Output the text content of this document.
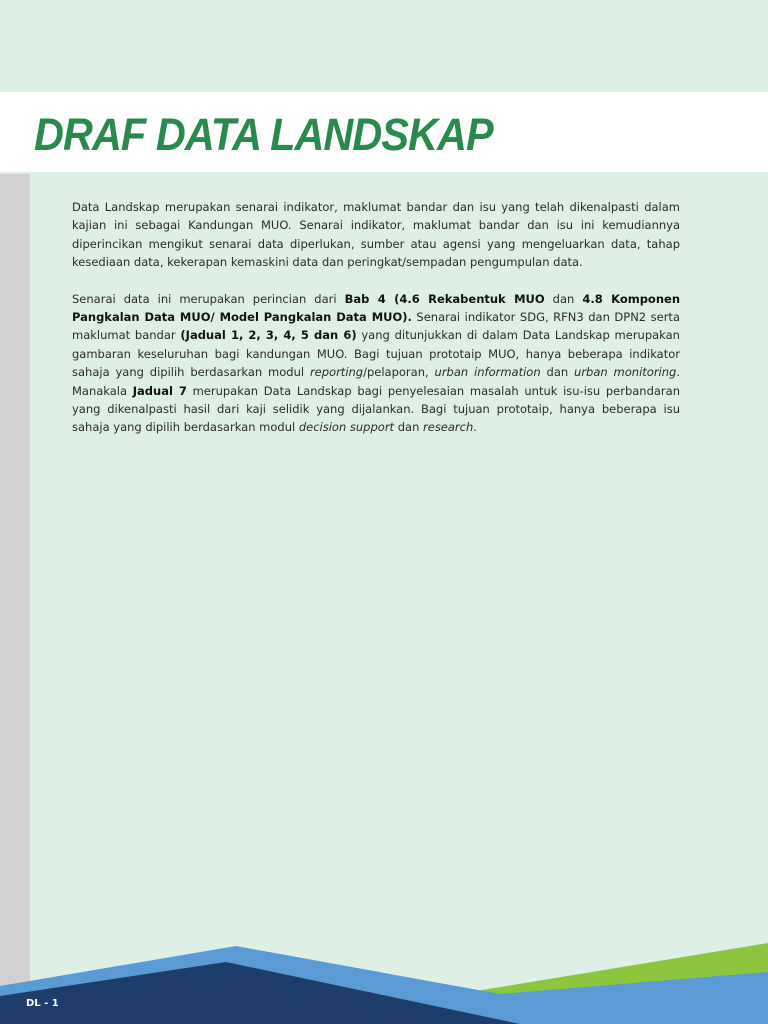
DRAF DATA LANDSKAP

Data Landskap merupakan senarai indikator, maklumat bandar dan isu yang telah dikenalpasti dalam kajian ini sebagai Kandungan MUO. Senarai indikator, maklumat bandar dan isu ini kemudiannya diperincikan mengikut senarai data diperlukan, sumber atau agensi yang mengeluarkan data, tahap kesediaan data, kekerapan kemaskini data dan peringkat/sempadan pengumpulan data.

Senarai data ini merupakan perincian dari Bab 4 (4.6 Rekabentuk MUO dan 4.8 Komponen Pangkalan Data MUO/ Model Pangkalan Data MUO). Senarai indikator SDG, RFN3 dan DPN2 serta maklumat bandar (Jadual 1, 2, 3, 4, 5 dan 6) yang ditunjukkan di dalam Data Landskap merupakan gambaran keseluruhan bagi kandungan MUO. Bagi tujuan prototaip MUO, hanya beberapa indikator sahaja yang dipilih berdasarkan modul reporting/pelaporan, urban information dan urban monitoring. Manakala Jadual 7 merupakan Data Landskap bagi penyelesaian masalah untuk isu-isu perbandaran yang dikenalpasti hasil dari kaji selidik yang dijalankan. Bagi tujuan prototaip, hanya beberapa isu sahaja yang dipilih berdasarkan modul decision support dan research.

DL - 1
